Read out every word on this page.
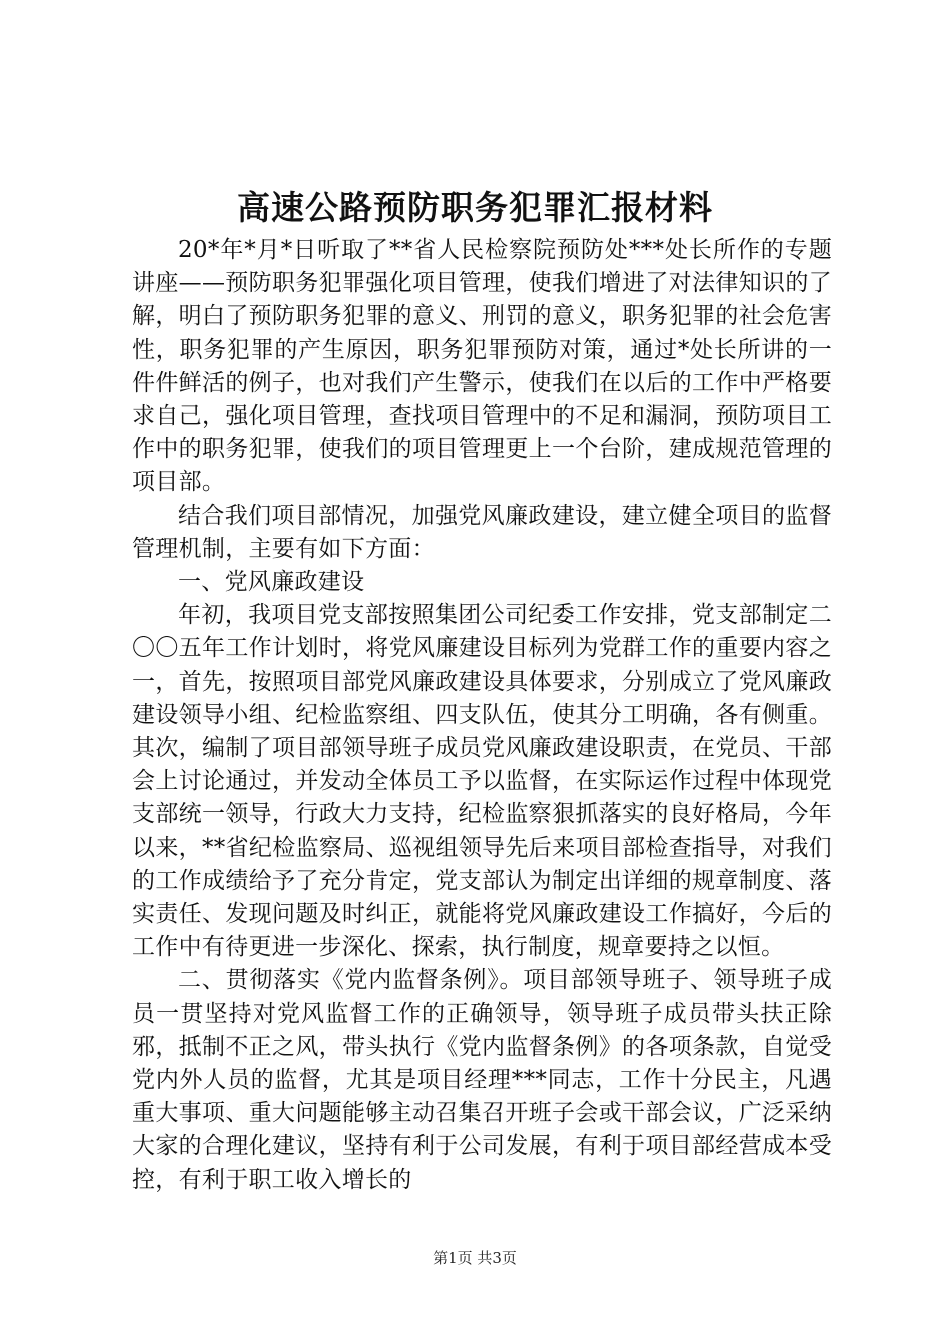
高速公路预防职务犯罪汇报材料

20*年*月*日听取了**省人民检察院预防处***处长所作的专题讲座——预防职务犯罪强化项目管理，使我们增进了对法律知识的了解，明白了预防职务犯罪的意义、刑罚的意义，职务犯罪的社会危害性，职务犯罪的产生原因，职务犯罪预防对策，通过*处长所讲的一件件鲜活的例子，也对我们产生警示，使我们在以后的工作中严格要求自己，强化项目管理，查找项目管理中的不足和漏洞，预防项目工作中的职务犯罪，使我们的项目管理更上一个台阶，建成规范管理的项目部。

结合我们项目部情况，加强党风廉政建设，建立健全项目的监督管理机制，主要有如下方面：

一、党风廉政建设

年初，我项目党支部按照集团公司纪委工作安排，党支部制定二〇〇五年工作计划时，将党风廉建设目标列为党群工作的重要内容之一，首先，按照项目部党风廉政建设具体要求，分别成立了党风廉政建设领导小组、纪检监察组、四支队伍，使其分工明确，各有侧重。其次，编制了项目部领导班子成员党风廉政建设职责，在党员、干部会上讨论通过，并发动全体员工予以监督，在实际运作过程中体现党支部统一领导，行政大力支持，纪检监察狠抓落实的良好格局，今年以来，**省纪检监察局、巡视组领导先后来项目部检查指导，对我们的工作成绩给予了充分肯定，党支部认为制定出详细的规章制度、落实责任、发现问题及时纠正，就能将党风廉政建设工作搞好，今后的工作中有待更进一步深化、探索，执行制度，规章要持之以恒。

二、贯彻落实《党内监督条例》。项目部领导班子、领导班子成员一贯坚持对党风监督工作的正确领导，领导班子成员带头扶正除邪，抵制不正之风，带头执行《党内监督条例》的各项条款，自觉受党内外人员的监督，尤其是项目经理***同志，工作十分民主，凡遇重大事项、重大问题能够主动召集召开班子会或干部会议，广泛采纳大家的合理化建议，坚持有利于公司发展，有利于项目部经营成本受控，有利于职工收入增长的

第1页 共3页
